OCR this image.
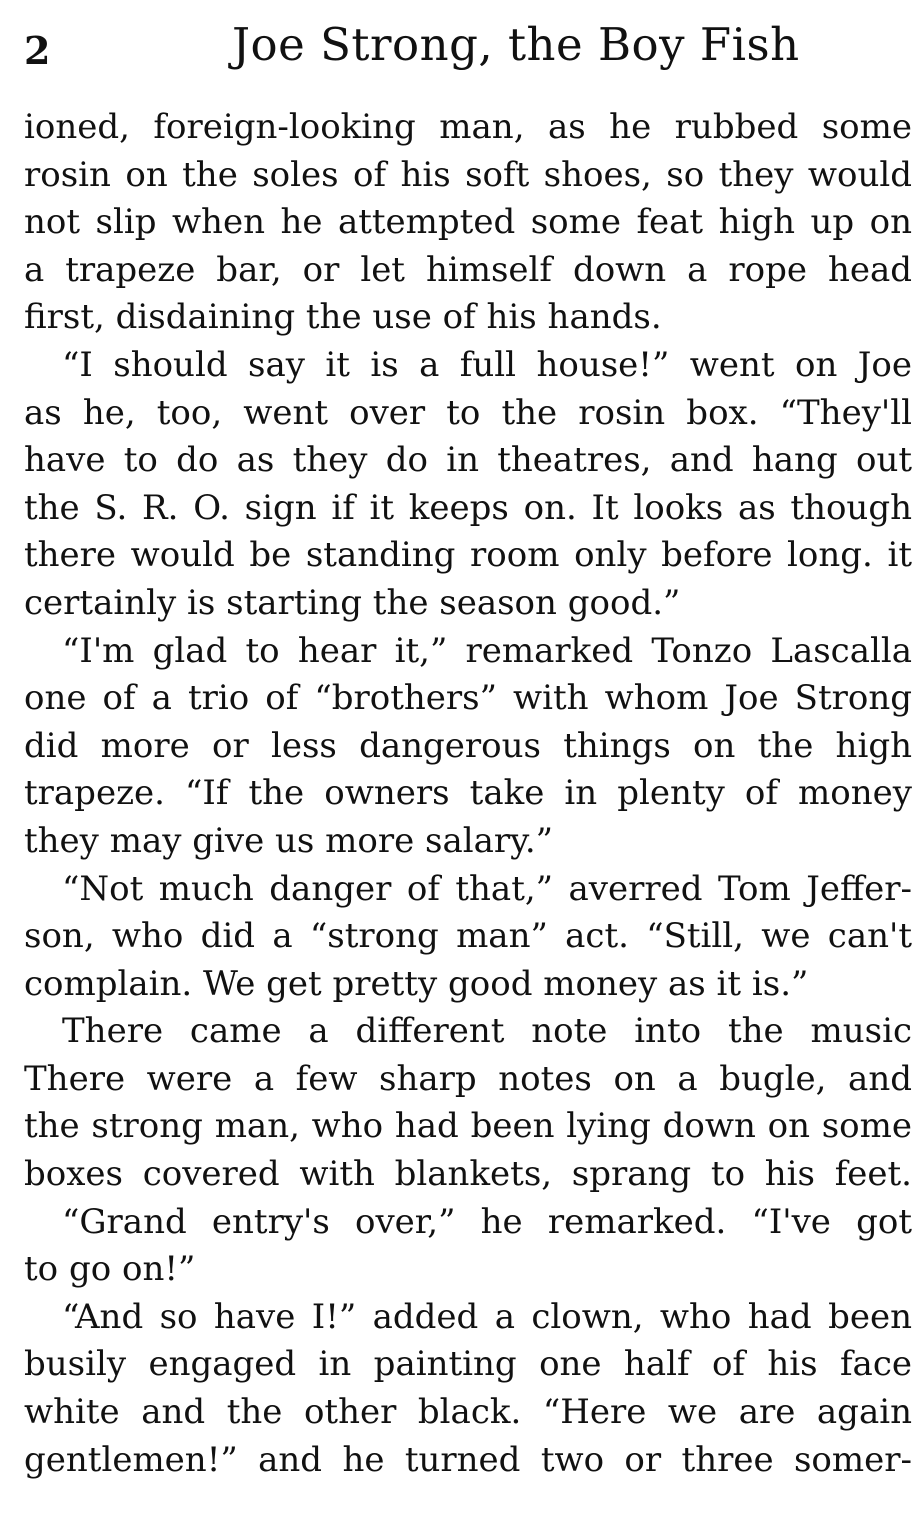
2	Joe Strong, the Boy Fish
ioned, foreign-looking man, as he rubbed some
rosin on the soles of his soft shoes, so they would
not slip when he attempted some feat high up on
a trapeze bar, or let himself down a rope head
first, disdaining the use of his hands.
“I should say it is a full house!” went on Joe
as he, too, went over to the rosin box. “They'll
have to do as they do in theatres, and hang out
the S. R. O. sign if it keeps on. It looks as though
there would be standing room only before long. it
certainly is starting the season good.”
“I'm glad to hear it,” remarked Tonzo Lascalla
one of a trio of “brothers” with whom Joe Strong
did more or less dangerous things on the high
trapeze. “If the owners take in plenty of money
they may give us more salary.”
“Not much danger of that,” averred Tom Jeffer-
son, who did a “strong man” act. “Still, we can't
complain. We get pretty good money as it is.”
There came a different note into the music
There were a few sharp notes on a bugle, and
the strong man, who had been lying down on some
boxes covered with blankets, sprang to his feet.
“Grand entry's over,” he remarked. “I've got
to go on!”
“And so have I!” added a clown, who had been
busily engaged in painting one half of his face
white and the other black. “Here we are again
gentlemen!” and he turned two or three somer-
